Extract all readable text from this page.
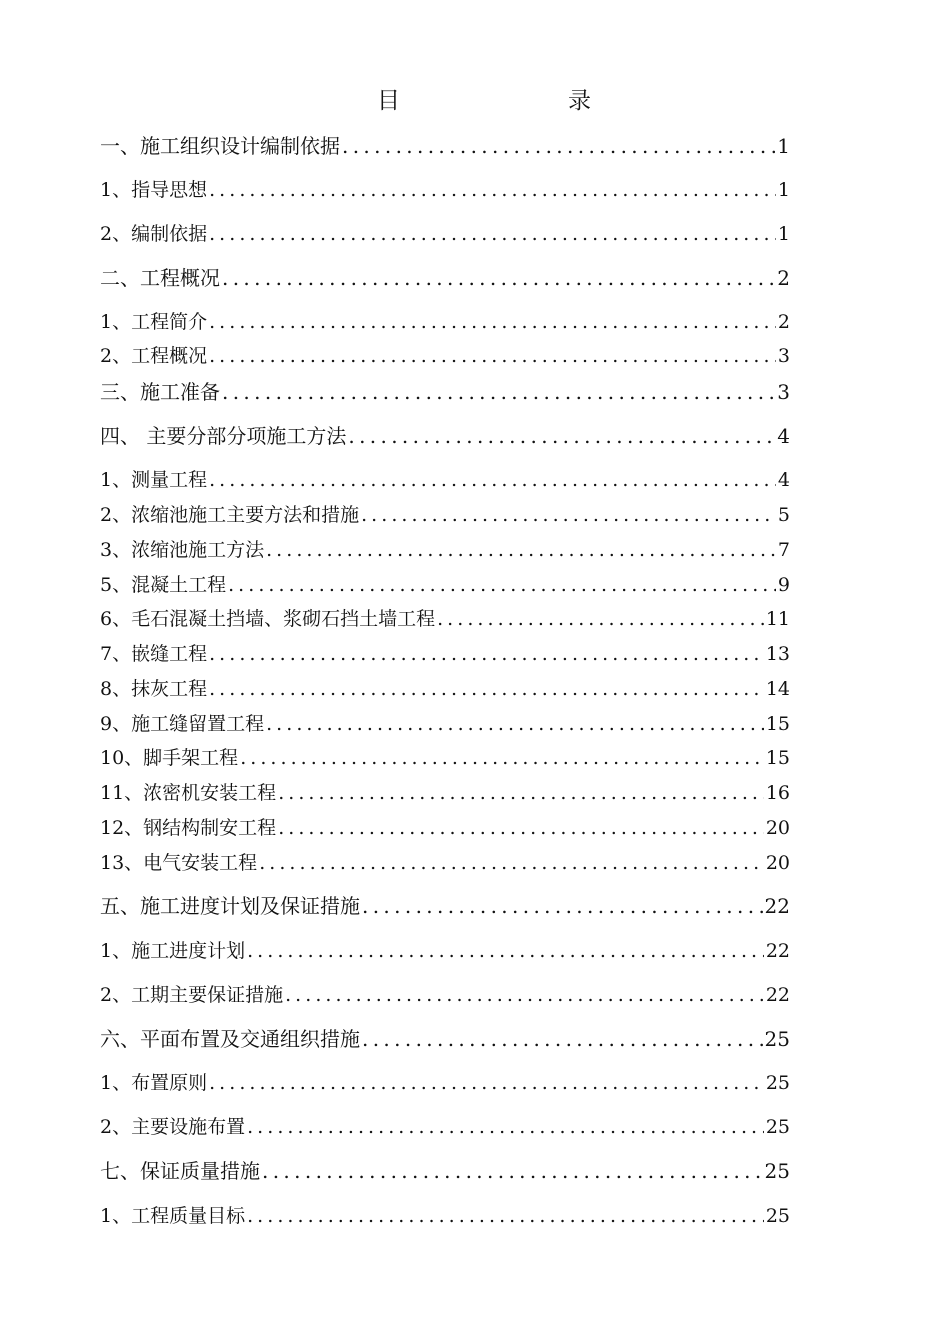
目	录
一、施工组织设计编制依据 . . .	1
1、指导思想 . . .	1
2、编制依据 . . .	1
二、工程概况 . . .	2
1、工程简介 . . .	2
2、工程概况 . . .	3
三、施工准备 . . .	3
四、 主要分部分项施工方法 . . .	4
1、测量工程 . . .	4
2、浓缩池施工主要方法和措施 . . .	5
3、浓缩池施工方法 . . .	7
5、混凝土工程 . . .	9
6、毛石混凝土挡墙、浆砌石挡土墙工程 . . .	11
7、嵌缝工程 . . .	13
8、抹灰工程 . . .	14
9、施工缝留置工程 . . .	15
10、脚手架工程 . . .	15
11、浓密机安装工程 . . .	16
12、钢结构制安工程 . . .	20
13、电气安装工程 . . .	20
五、施工进度计划及保证措施 . . .	22
1、施工进度计划 . . .	22
2、工期主要保证措施 . . .	22
六、平面布置及交通组织措施 . . .	25
1、布置原则 . . .	25
2、主要设施布置 . . .	25
七、保证质量措施 . . .	25
1、工程质量目标 . . .	25
